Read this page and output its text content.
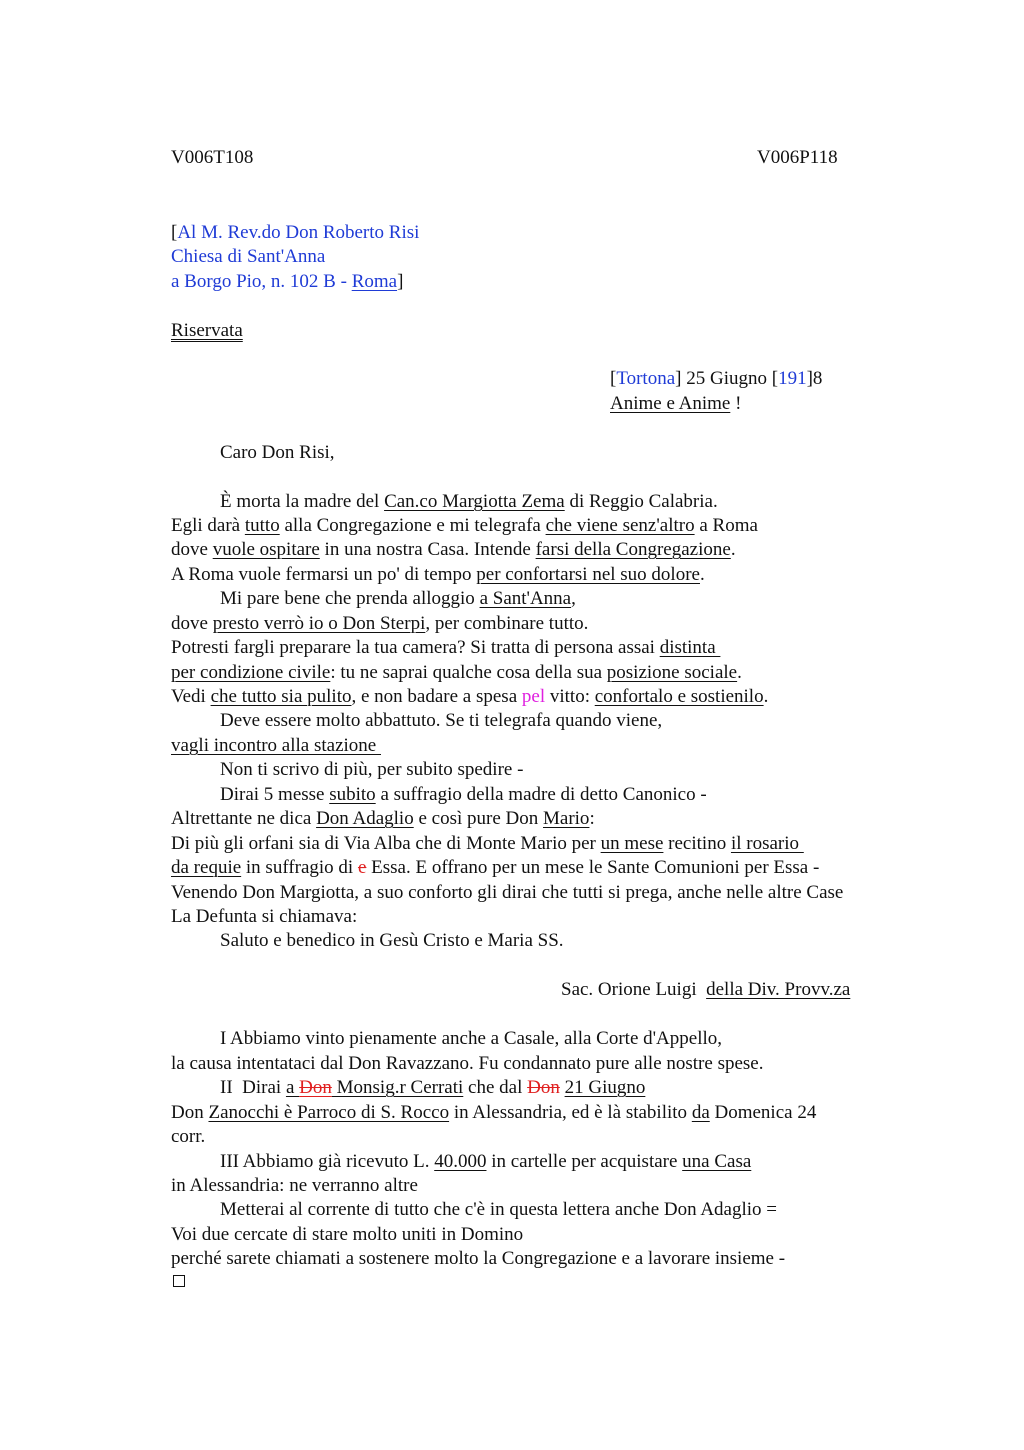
V006T108	V006P118
[Al M. Rev.do Don Roberto Risi
Chiesa di Sant'Anna
a Borgo Pio, n. 102 B - Roma]
Riservata
[Tortona] 25 Giugno [191]8
Anime e Anime !
Caro Don Risi,
È morta la madre del Can.co Margiotta Zema di Reggio Calabria.
Egli darà tutto alla Congregazione e mi telegrafa che viene senz'altro a Roma
dove vuole ospitare in una nostra Casa. Intende farsi della Congregazione.
A Roma vuole fermarsi un po' di tempo per confortarsi nel suo dolore.
Mi pare bene che prenda alloggio a Sant'Anna,
dove presto verrò io o Don Sterpi, per combinare tutto.
Potresti fargli preparare la tua camera? Si tratta di persona assai distinta
per condizione civile: tu ne saprai qualche cosa della sua posizione sociale.
Vedi che tutto sia pulito, e non badare a spesa pel vitto: confortalo e sostienilo.
Deve essere molto abbattuto. Se ti telegrafa quando viene,
vagli incontro alla stazione
Non ti scrivo di più, per subito spedire -
Dirai 5 messe subito a suffragio della madre di detto Canonico -
Altrettante ne dica Don Adaglio e così pure Don Mario:
Di più gli orfani sia di Via Alba che di Monte Mario per un mese recitino il rosario
da requie in suffragio di e Essa. E offrano per un mese le Sante Comunioni per Essa -
Venendo Don Margiotta, a suo conforto gli dirai che tutti si prega, anche nelle altre Case
La Defunta si chiamava:
Saluto e benedico in Gesù Cristo e Maria SS.
Sac. Orione Luigi  della Div. Provv.za
I Abbiamo vinto pienamente anche a Casale, alla Corte d'Appello,
la causa intentataci dal Don Ravazzano. Fu condannato pure alle nostre spese.
II  Dirai a Don Monsig.r Cerrati che dal Don 21 Giugno
Don Zanocchi è Parroco di S. Rocco in Alessandria, ed è là stabilito da Domenica 24
corr.
III Abbiamo già ricevuto L. 40.000 in cartelle per acquistare una Casa
in Alessandria: ne verranno altre
Metterai al corrente di tutto che c'è in questa lettera anche Don Adaglio =
Voi due cercate di stare molto uniti in Domino
perché sarete chiamati a sostenere molto la Congregazione e a lavorare insieme -
